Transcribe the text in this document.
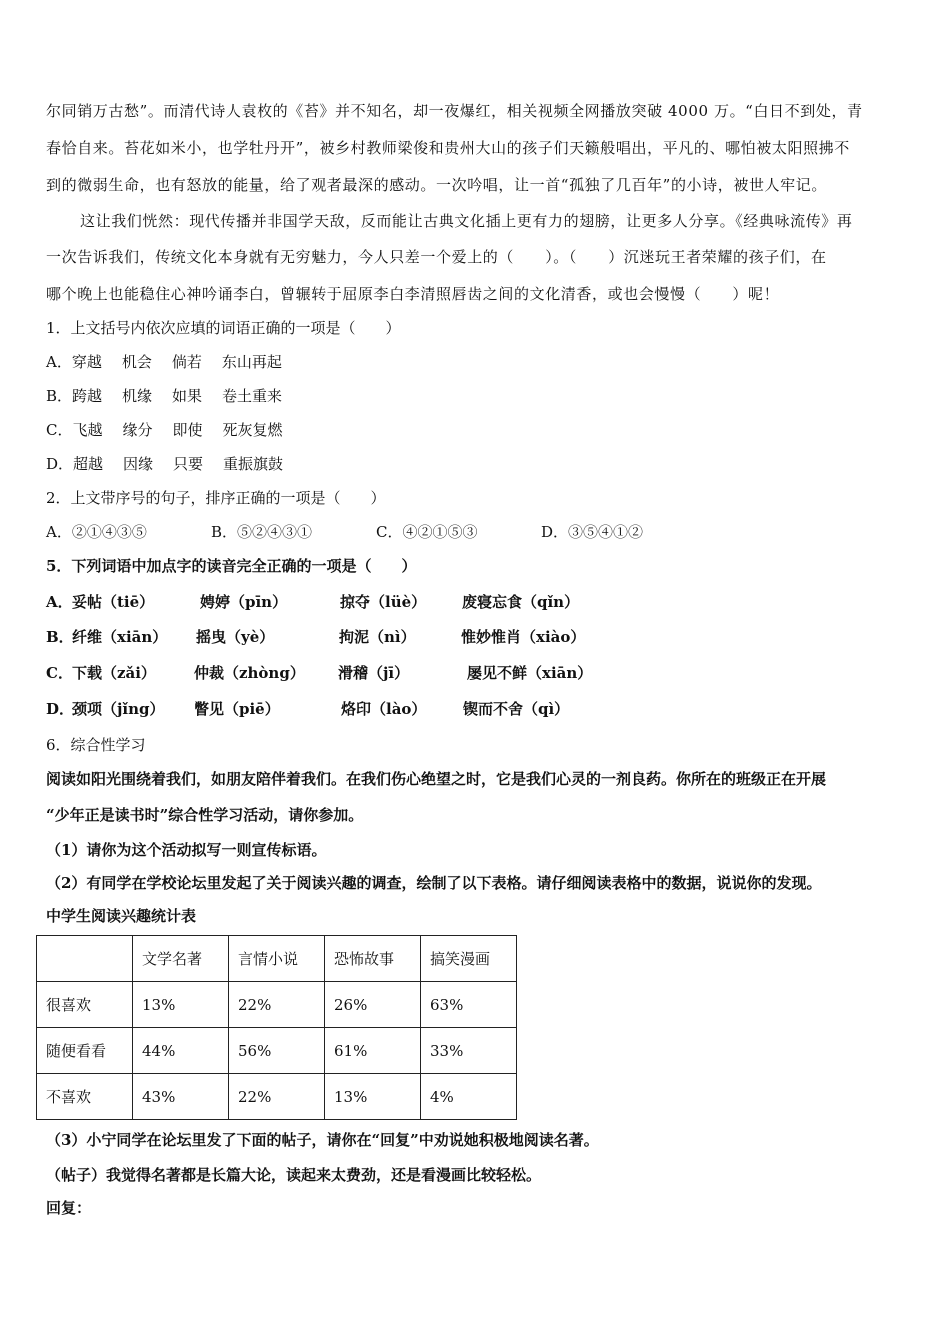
尔同销万古愁”。而清代诗人袁枚的《苔》并不知名，却一夜爆红，相关视频全网播放突破 4000 万。“白日不到处，青
春恰自来。苔花如米小，也学牡丹开”，被乡村教师梁俊和贵州大山的孩子们天籁般唱出，平凡的、哪怕被太阳照拂不
到的微弱生命，也有怒放的能量，给了观者最深的感动。一次吟唱，让一首“孤独了几百年”的小诗，被世人牢记。
这让我们恍然：现代传播并非国学天敌，反而能让古典文化插上更有力的翅膀，让更多人分享。《经典咏流传》再
一次告诉我们，传统文化本身就有无穷魅力，今人只差一个爱上的（　　）。（　　）沉迷玩王者荣耀的孩子们，在
哪个晚上也能稳住心神吟诵李白，曾辗转于屈原李白李清照唇齿之间的文化清香，或也会慢慢（　　）呢！
1．上文括号内依次应填的词语正确的一项是（　　）
A．穿越 机会 倘若 东山再起
B．跨越 机缘 如果 卷土重来
C．飞越 缘分 即使 死灰复燃
D．超越 因缘 只要 重振旗鼓
2．上文带序号的句子，排序正确的一项是（　　）
A．②①④③⑤	B．⑤②④③①	C．④②①⑤③	D．③⑤④①②
5．下列词语中加点字的读音完全正确的一项是（　　）
A．妥帖（tiē）	娉婷（pīn）	掠夺（lüè） 废寝忘食（qǐn）
B．纤维（xiān） 摇曳（yè）	拘泥（nì）	惟妙惟肖（xiào）
C．下载（zǎi）	仲裁（zhòng） 滑稽（jī）	屡见不鲜（xiān）
D．颈项（jǐng） 瞥见（piē）	烙印（lào） 锲而不舍（qì）
6．综合性学习
阅读如阳光围绕着我们，如朋友陪伴着我们。在我们伤心绝望之时，它是我们心灵的一剂良药。你所在的班级正在开展
“少年正是读书时”综合性学习活动，请你参加。
（1）请你为这个活动拟写一则宣传标语。
（2）有同学在学校论坛里发起了关于阅读兴趣的调查，绘制了以下表格。请仔细阅读表格中的数据，说说你的发现。
中学生阅读兴趣统计表
	文学名著	言情小说	恐怖故事	搞笑漫画
很喜欢	13%	22%	26%	63%
随便看看	44%	56%	61%	33%
不喜欢	43%	22%	13%	4%
（3）小宁同学在论坛里发了下面的帖子，请你在“回复”中劝说她积极地阅读名著。
（帖子）我觉得名著都是长篇大论，读起来太费劲，还是看漫画比较轻松。
回复：
